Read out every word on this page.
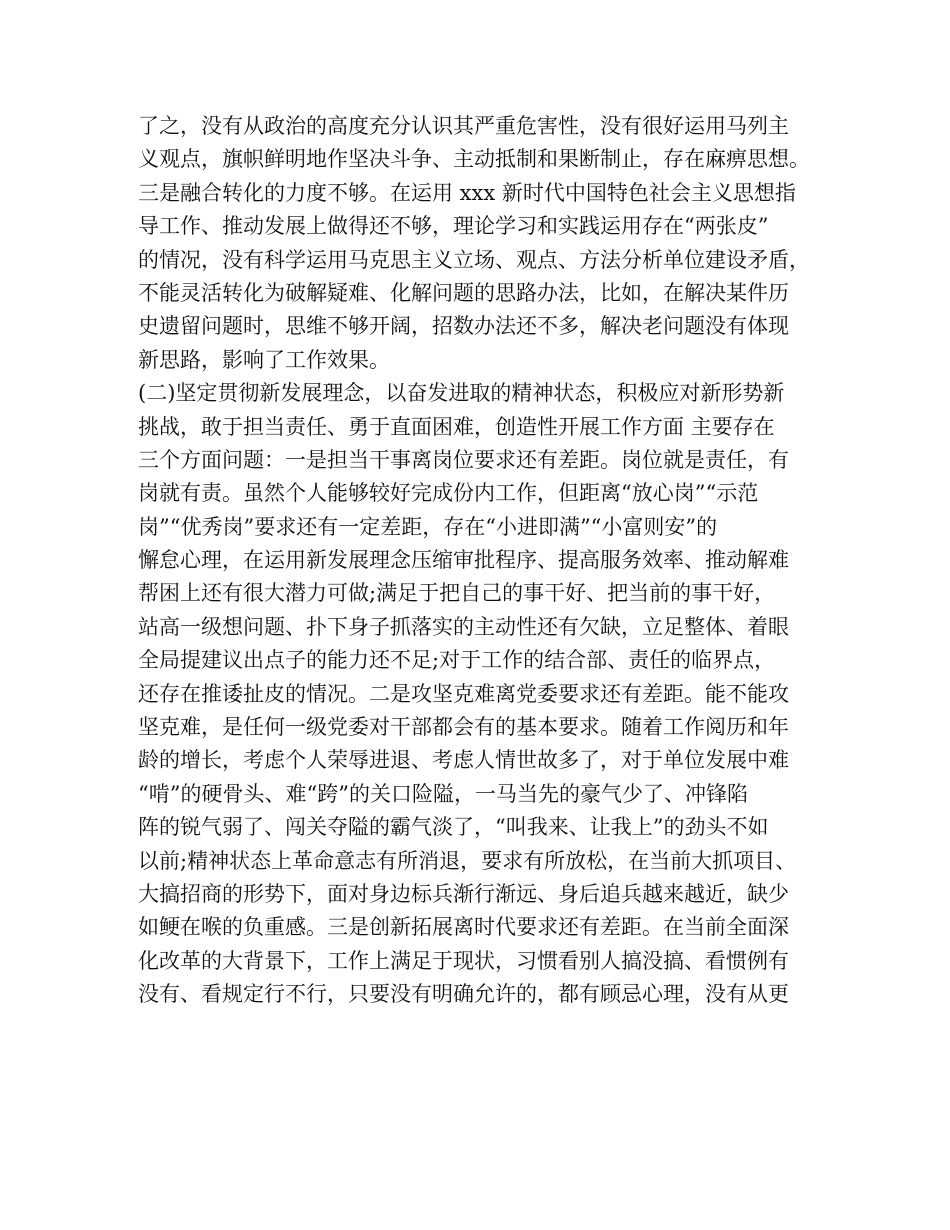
了之，没有从政治的高度充分认识其严重危害性，没有很好运用马列主
义观点，旗帜鲜明地作坚决斗争、主动抵制和果断制止，存在麻痹思想。
三是融合转化的力度不够。在运用 xxx 新时代中国特色社会主义思想指
导工作、推动发展上做得还不够，理论学习和实践运用存在“两张皮”
的情况，没有科学运用马克思主义立场、观点、方法分析单位建设矛盾，
不能灵活转化为破解疑难、化解问题的思路办法，比如，在解决某件历
史遗留问题时，思维不够开阔，招数办法还不多，解决老问题没有体现
新思路，影响了工作效果。
(二)坚定贯彻新发展理念，以奋发进取的精神状态，积极应对新形势新
挑战，敢于担当责任、勇于直面困难，创造性开展工作方面 主要存在
三个方面问题：一是担当干事离岗位要求还有差距。岗位就是责任，有
岗就有责。虽然个人能够较好完成份内工作，但距离“放心岗”“示范
岗”“优秀岗”要求还有一定差距，存在“小进即满”“小富则安”的
懈怠心理，在运用新发展理念压缩审批程序、提高服务效率、推动解难
帮困上还有很大潜力可做;满足于把自己的事干好、把当前的事干好，
站高一级想问题、扑下身子抓落实的主动性还有欠缺，立足整体、着眼
全局提建议出点子的能力还不足;对于工作的结合部、责任的临界点，
还存在推诿扯皮的情况。二是攻坚克难离党委要求还有差距。能不能攻
坚克难，是任何一级党委对干部都会有的基本要求。随着工作阅历和年
龄的增长，考虑个人荣辱进退、考虑人情世故多了，对于单位发展中难
“啃”的硬骨头、难“跨”的关口险隘，一马当先的豪气少了、冲锋陷
阵的锐气弱了、闯关夺隘的霸气淡了，“叫我来、让我上”的劲头不如
以前;精神状态上革命意志有所消退，要求有所放松，在当前大抓项目、
大搞招商的形势下，面对身边标兵渐行渐远、身后追兵越来越近，缺少
如鲠在喉的负重感。三是创新拓展离时代要求还有差距。在当前全面深
化改革的大背景下，工作上满足于现状，习惯看别人搞没搞、看惯例有
没有、看规定行不行，只要没有明确允许的，都有顾忌心理，没有从更
